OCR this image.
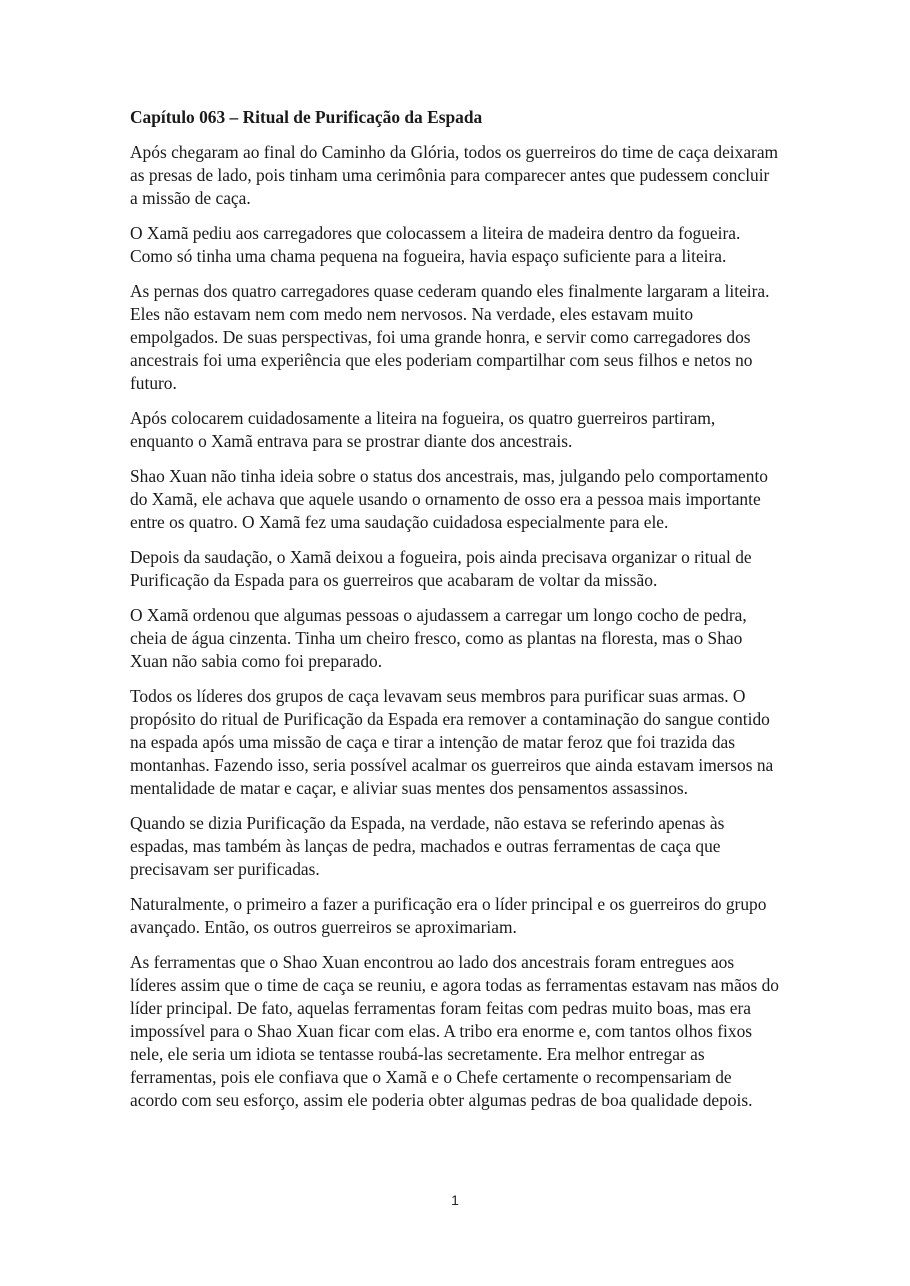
Capítulo 063 – Ritual de Purificação da Espada

Após chegaram ao final do Caminho da Glória, todos os guerreiros do time de caça deixaram as presas de lado, pois tinham uma cerimônia para comparecer antes que pudessem concluir a missão de caça.

O Xamã pediu aos carregadores que colocassem a liteira de madeira dentro da fogueira. Como só tinha uma chama pequena na fogueira, havia espaço suficiente para a liteira.

As pernas dos quatro carregadores quase cederam quando eles finalmente largaram a liteira. Eles não estavam nem com medo nem nervosos. Na verdade, eles estavam muito empolgados. De suas perspectivas, foi uma grande honra, e servir como carregadores dos ancestrais foi uma experiência que eles poderiam compartilhar com seus filhos e netos no futuro.

Após colocarem cuidadosamente a liteira na fogueira, os quatro guerreiros partiram, enquanto o Xamã entrava para se prostrar diante dos ancestrais.

Shao Xuan não tinha ideia sobre o status dos ancestrais, mas, julgando pelo comportamento do Xamã, ele achava que aquele usando o ornamento de osso era a pessoa mais importante entre os quatro. O Xamã fez uma saudação cuidadosa especialmente para ele.

Depois da saudação, o Xamã deixou a fogueira, pois ainda precisava organizar o ritual de Purificação da Espada para os guerreiros que acabaram de voltar da missão.

O Xamã ordenou que algumas pessoas o ajudassem a carregar um longo cocho de pedra, cheia de água cinzenta. Tinha um cheiro fresco, como as plantas na floresta, mas o Shao Xuan não sabia como foi preparado.

Todos os líderes dos grupos de caça levavam seus membros para purificar suas armas. O propósito do ritual de Purificação da Espada era remover a contaminação do sangue contido na espada após uma missão de caça e tirar a intenção de matar feroz que foi trazida das montanhas. Fazendo isso, seria possível acalmar os guerreiros que ainda estavam imersos na mentalidade de matar e caçar, e aliviar suas mentes dos pensamentos assassinos.

Quando se dizia Purificação da Espada, na verdade, não estava se referindo apenas às espadas, mas também às lanças de pedra, machados e outras ferramentas de caça que precisavam ser purificadas.

Naturalmente, o primeiro a fazer a purificação era o líder principal e os guerreiros do grupo avançado. Então, os outros guerreiros se aproximariam.

As ferramentas que o Shao Xuan encontrou ao lado dos ancestrais foram entregues aos líderes assim que o time de caça se reuniu, e agora todas as ferramentas estavam nas mãos do líder principal. De fato, aquelas ferramentas foram feitas com pedras muito boas, mas era impossível para o Shao Xuan ficar com elas. A tribo era enorme e, com tantos olhos fixos nele, ele seria um idiota se tentasse roubá-las secretamente. Era melhor entregar as ferramentas, pois ele confiava que o Xamã e o Chefe certamente o recompensariam de acordo com seu esforço, assim ele poderia obter algumas pedras de boa qualidade depois.

1
